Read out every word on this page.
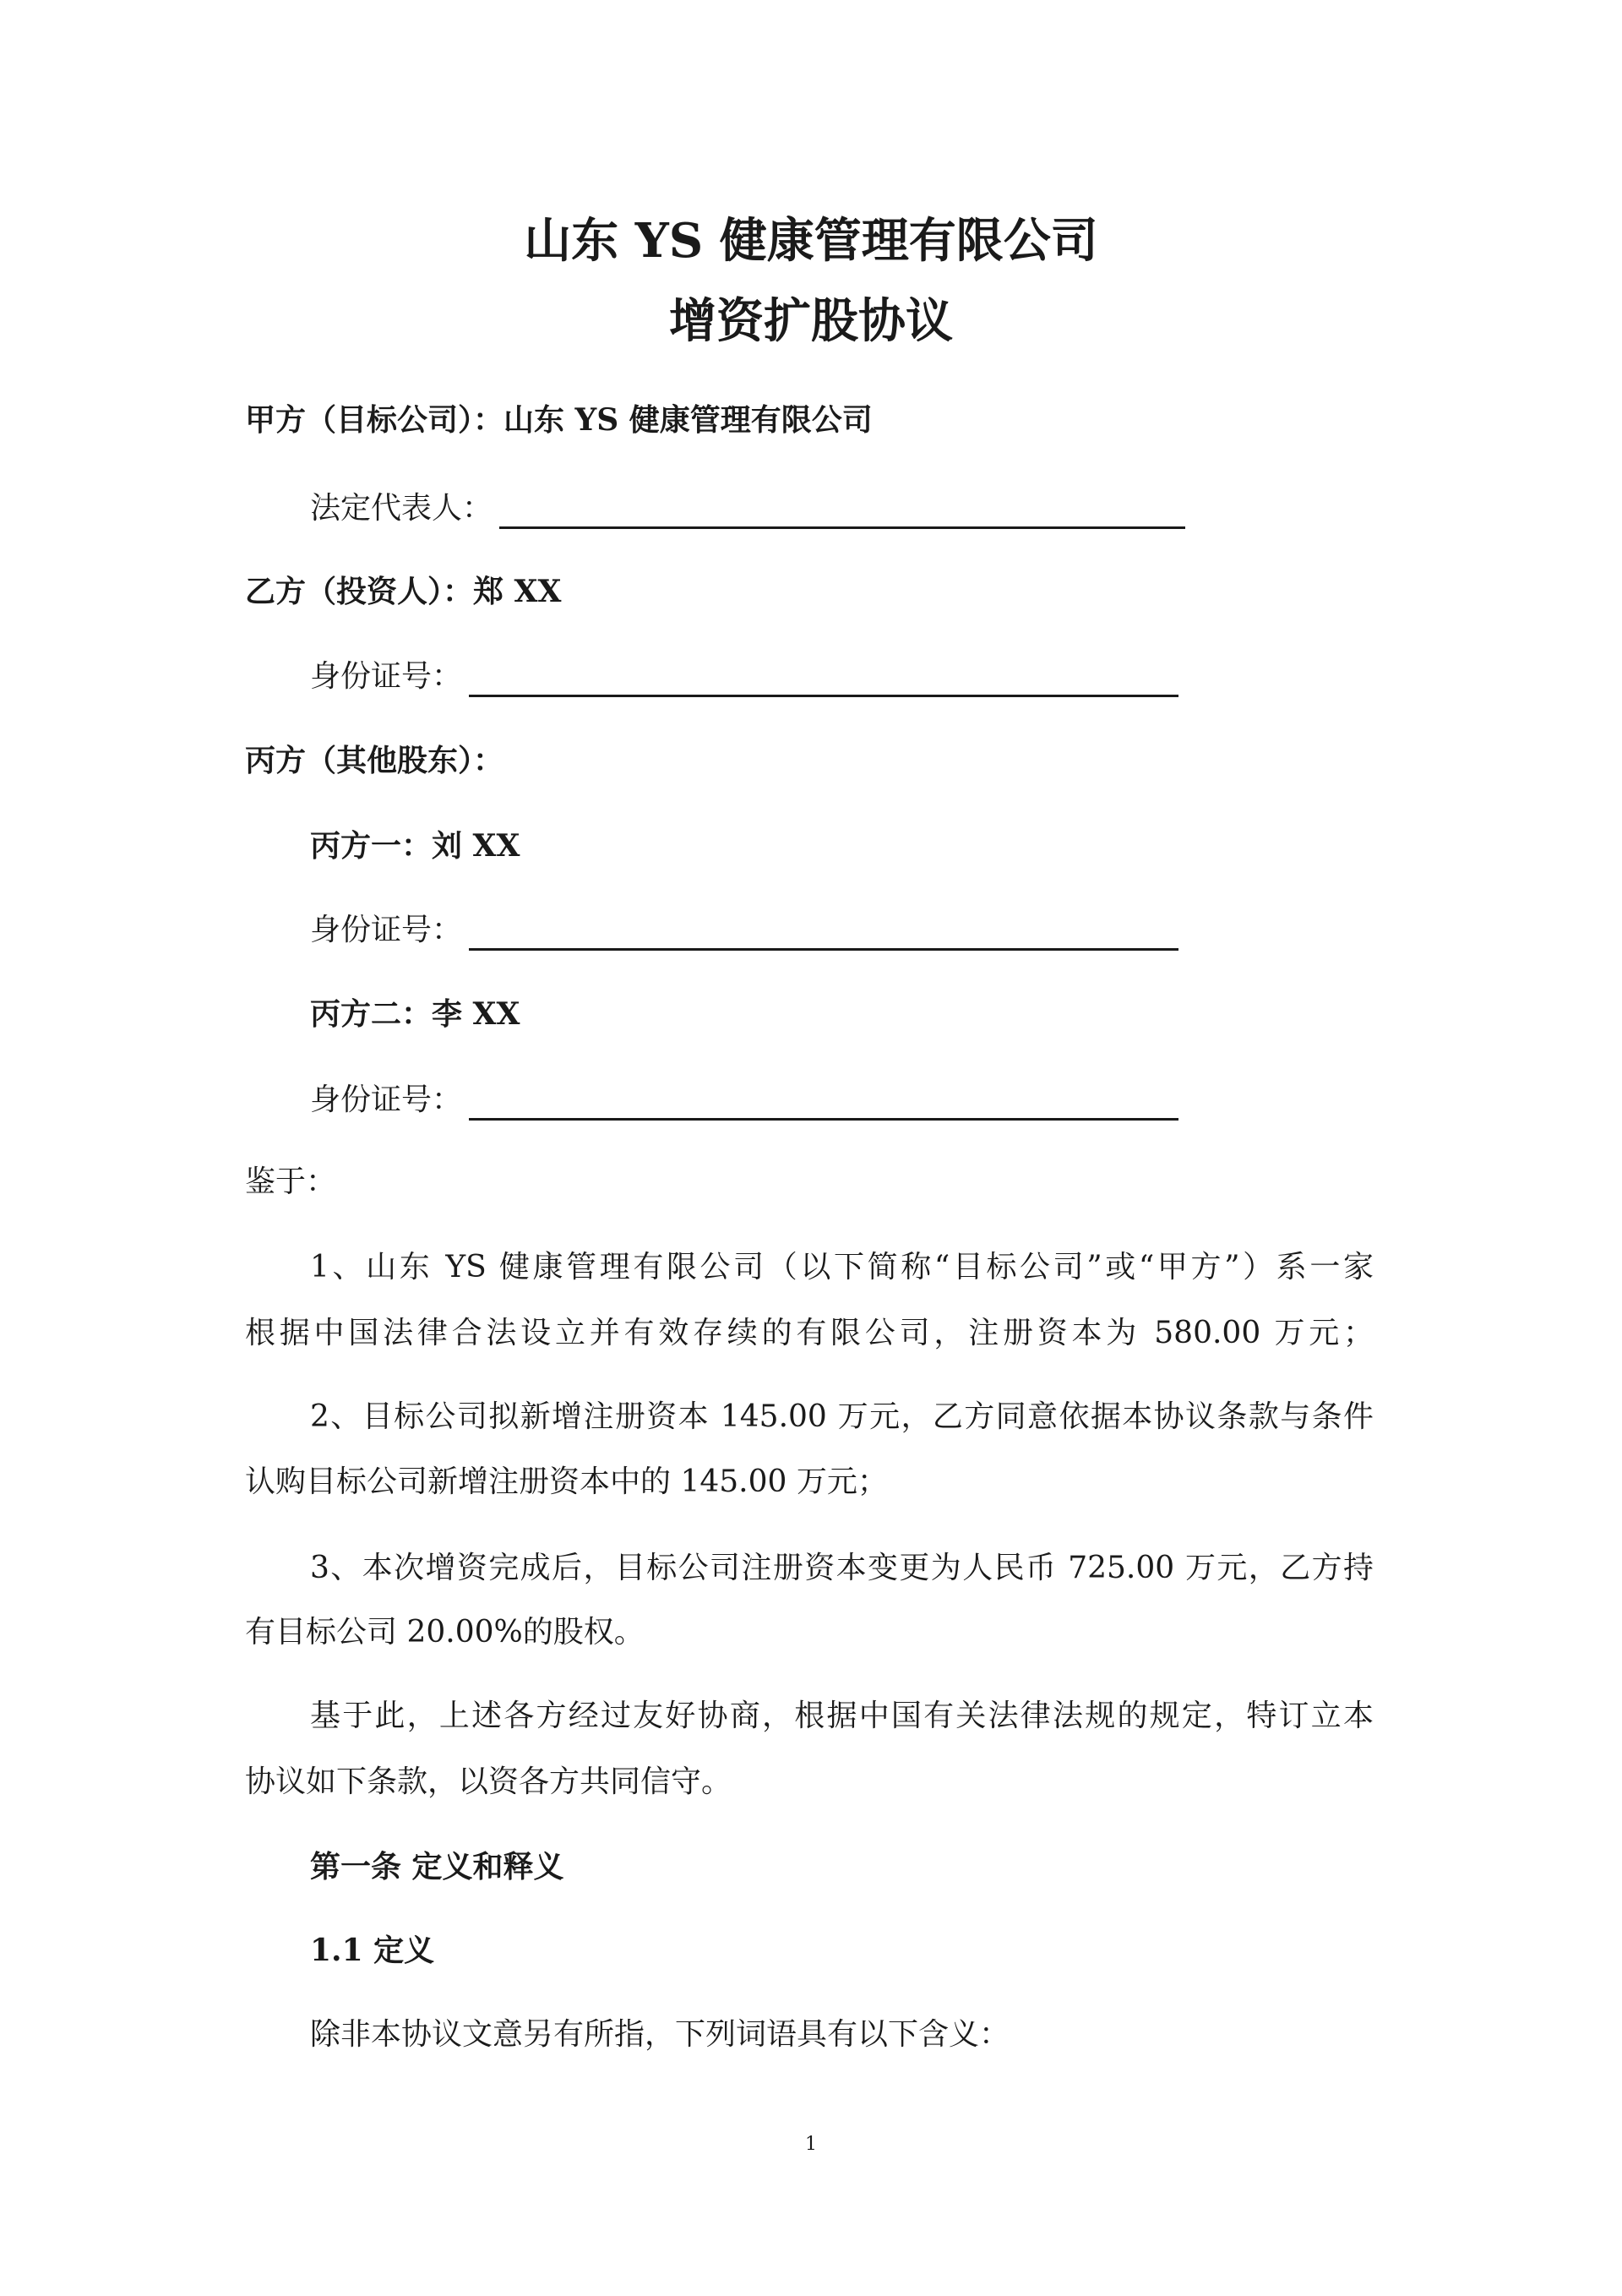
山东 YS 健康管理有限公司
增资扩股协议
甲方（目标公司）：山东 YS 健康管理有限公司
法定代表人：
乙方（投资人）：郑 XX
身份证号：
丙方（其他股东）：
丙方一：刘 XX
身份证号：
丙方二：李 XX
身份证号：
鉴于：
1、山东 YS 健康管理有限公司（以下简称“目标公司”或“甲方”）系一家
根据中国法律合法设立并有效存续的有限公司，注册资本为 580.00 万元；
2、目标公司拟新增注册资本 145.00 万元，乙方同意依据本协议条款与条件
认购目标公司新增注册资本中的 145.00 万元；
3、本次增资完成后，目标公司注册资本变更为人民币 725.00 万元，乙方持
有目标公司 20.00%的股权。
基于此，上述各方经过友好协商，根据中国有关法律法规的规定，特订立本
协议如下条款，以资各方共同信守。
第一条 定义和释义
1.1 定义
除非本协议文意另有所指，下列词语具有以下含义：
1
